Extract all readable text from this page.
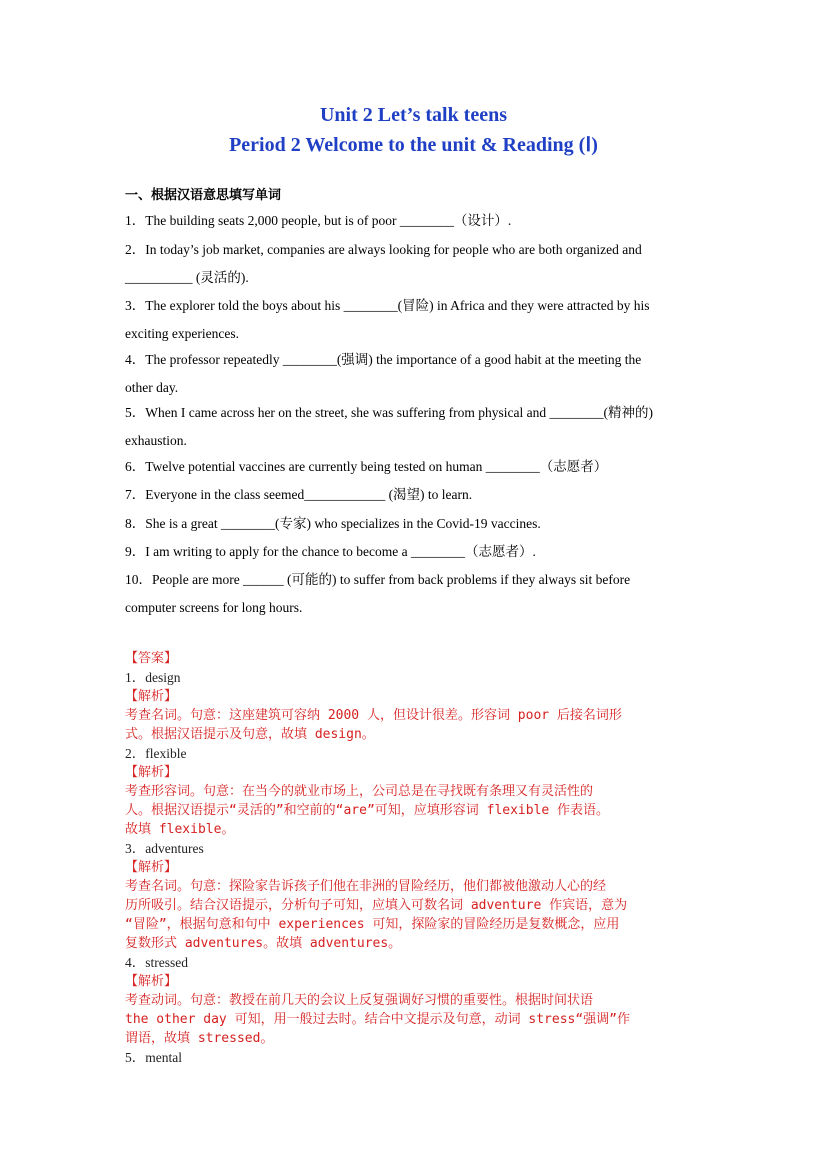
Unit 2 Let’s talk teens
Period 2 Welcome to the unit & Reading (Ⅰ)
一、根据汉语意思填写单词
1．The building seats 2,000 people, but is of poor ________（设计）.
2．In today’s job market, companies are always looking for people who are both organized and
__________ (灵活的).
3．The explorer told the boys about his ________(冒险) in Africa and they were attracted by his
exciting experiences.
4．The professor repeatedly ________(强调) the importance of a good habit at the meeting the
other day.
5．When I came across her on the street, she was suffering from physical and ________(精神的)
exhaustion.
6．Twelve potential vaccines are currently being tested on human ________（志愿者）
7．Everyone in the class seemed____________ (渴望) to learn.
8．She is a great ________(专家) who specializes in the Covid-19 vaccines.
9．I am writing to apply for the chance to become a ________（志愿者）.
10．People are more ______ (可能的) to suffer from back problems if they always sit before
computer screens for long hours.
【答案】
1．design
【解析】
考查名词。句意：这座建筑可容纳 2000 人，但设计很差。形容词 poor 后接名词形
式。根据汉语提示及句意，故填 design。
2．flexible
【解析】
考查形容词。句意：在当今的就业市场上，公司总是在寻找既有条理又有灵活性的
人。根据汉语提示“灵活的”和空前的“are”可知，应填形容词 flexible 作表语。
故填 flexible。
3．adventures
【解析】
考查名词。句意：探险家告诉孩子们他在非洲的冒险经历，他们都被他激动人心的经
历所吸引。结合汉语提示，分析句子可知，应填入可数名词 adventure 作宾语，意为
“冒险”，根据句意和句中 experiences 可知，探险家的冒险经历是复数概念，应用
复数形式 adventures。故填 adventures。
4．stressed
【解析】
考查动词。句意：教授在前几天的会议上反复强调好习惯的重要性。根据时间状语
the other day 可知，用一般过去时。结合中文提示及句意，动词 stress“强调”作
谓语，故填 stressed。
5．mental
